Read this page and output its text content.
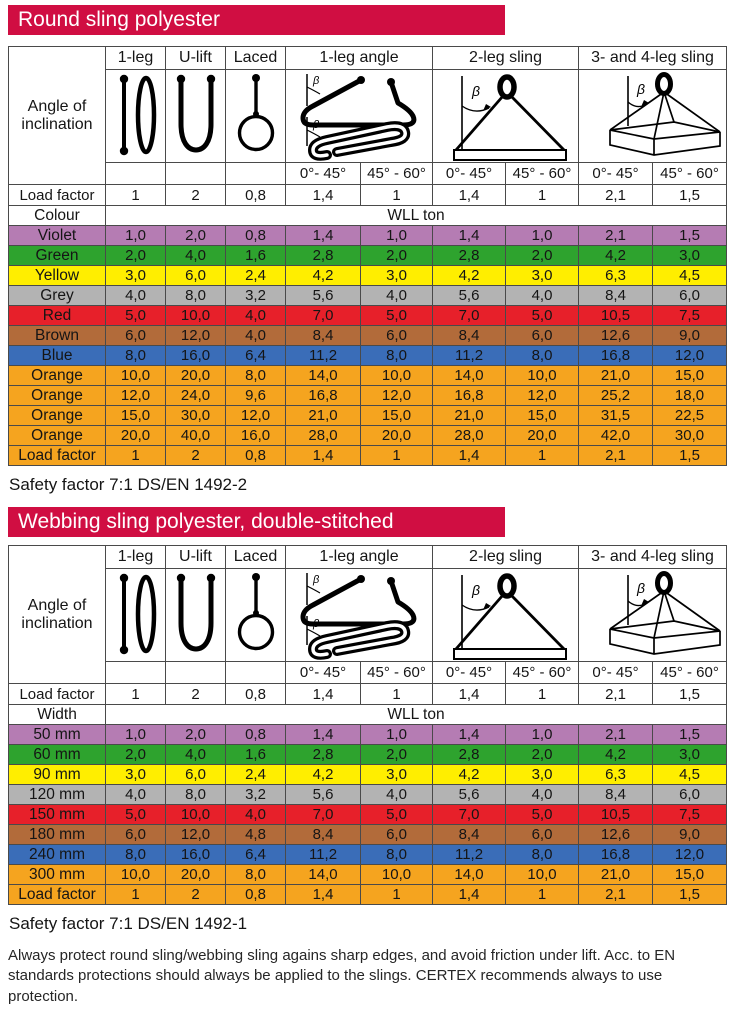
Round sling polyester
Angle of inclination	1-leg	U-lift	Laced	1-leg angle		2-leg sling		3- and 4-leg sling	

β
β		β		β	

				0°- 45°	45° - 60°	0°- 45°	45° - 60°	0°- 45°	45° - 60°
Load factor	1	2	0,8	1,4	1	1,4	1	2,1	1,5
Colour	WLL ton								
Violet	1,0	2,0	0,8	1,4	1,0	1,4	1,0	2,1	1,5
Green	2,0	4,0	1,6	2,8	2,0	2,8	2,0	4,2	3,0
Yellow	3,0	6,0	2,4	4,2	3,0	4,2	3,0	6,3	4,5
Grey	4,0	8,0	3,2	5,6	4,0	5,6	4,0	8,4	6,0
Red	5,0	10,0	4,0	7,0	5,0	7,0	5,0	10,5	7,5
Brown	6,0	12,0	4,0	8,4	6,0	8,4	6,0	12,6	9,0
Blue	8,0	16,0	6,4	11,2	8,0	11,2	8,0	16,8	12,0
Orange	10,0	20,0	8,0	14,0	10,0	14,0	10,0	21,0	15,0
Orange	12,0	24,0	9,6	16,8	12,0	16,8	12,0	25,2	18,0
Orange	15,0	30,0	12,0	21,0	15,0	21,0	15,0	31,5	22,5
Orange	20,0	40,0	16,0	28,0	20,0	28,0	20,0	42,0	30,0
Load factor	1	2	0,8	1,4	1	1,4	1	2,1	1,5

Safety factor 7:1 DS/EN 1492-2

Webbing sling polyester, double-stitched
Angle of inclination	1-leg	U-lift	Laced	1-leg angle		2-leg sling		3- and 4-leg sling	

β
β		β		β	

				0°- 45°	45° - 60°	0°- 45°	45° - 60°	0°- 45°	45° - 60°
Load factor	1	2	0,8	1,4	1	1,4	1	2,1	1,5
Width	WLL ton								
50 mm	1,0	2,0	0,8	1,4	1,0	1,4	1,0	2,1	1,5
60 mm	2,0	4,0	1,6	2,8	2,0	2,8	2,0	4,2	3,0
90 mm	3,0	6,0	2,4	4,2	3,0	4,2	3,0	6,3	4,5
120 mm	4,0	8,0	3,2	5,6	4,0	5,6	4,0	8,4	6,0
150 mm	5,0	10,0	4,0	7,0	5,0	7,0	5,0	10,5	7,5
180 mm	6,0	12,0	4,8	8,4	6,0	8,4	6,0	12,6	9,0
240 mm	8,0	16,0	6,4	11,2	8,0	11,2	8,0	16,8	12,0
300 mm	10,0	20,0	8,0	14,0	10,0	14,0	10,0	21,0	15,0
Load factor	1	2	0,8	1,4	1	1,4	1	2,1	1,5

Safety factor 7:1 DS/EN 1492-1

Always protect round sling/webbing sling agains sharp edges, and avoid friction under lift. Acc. to EN standards protections should always be applied to the slings. CERTEX recommends always to use protection.
